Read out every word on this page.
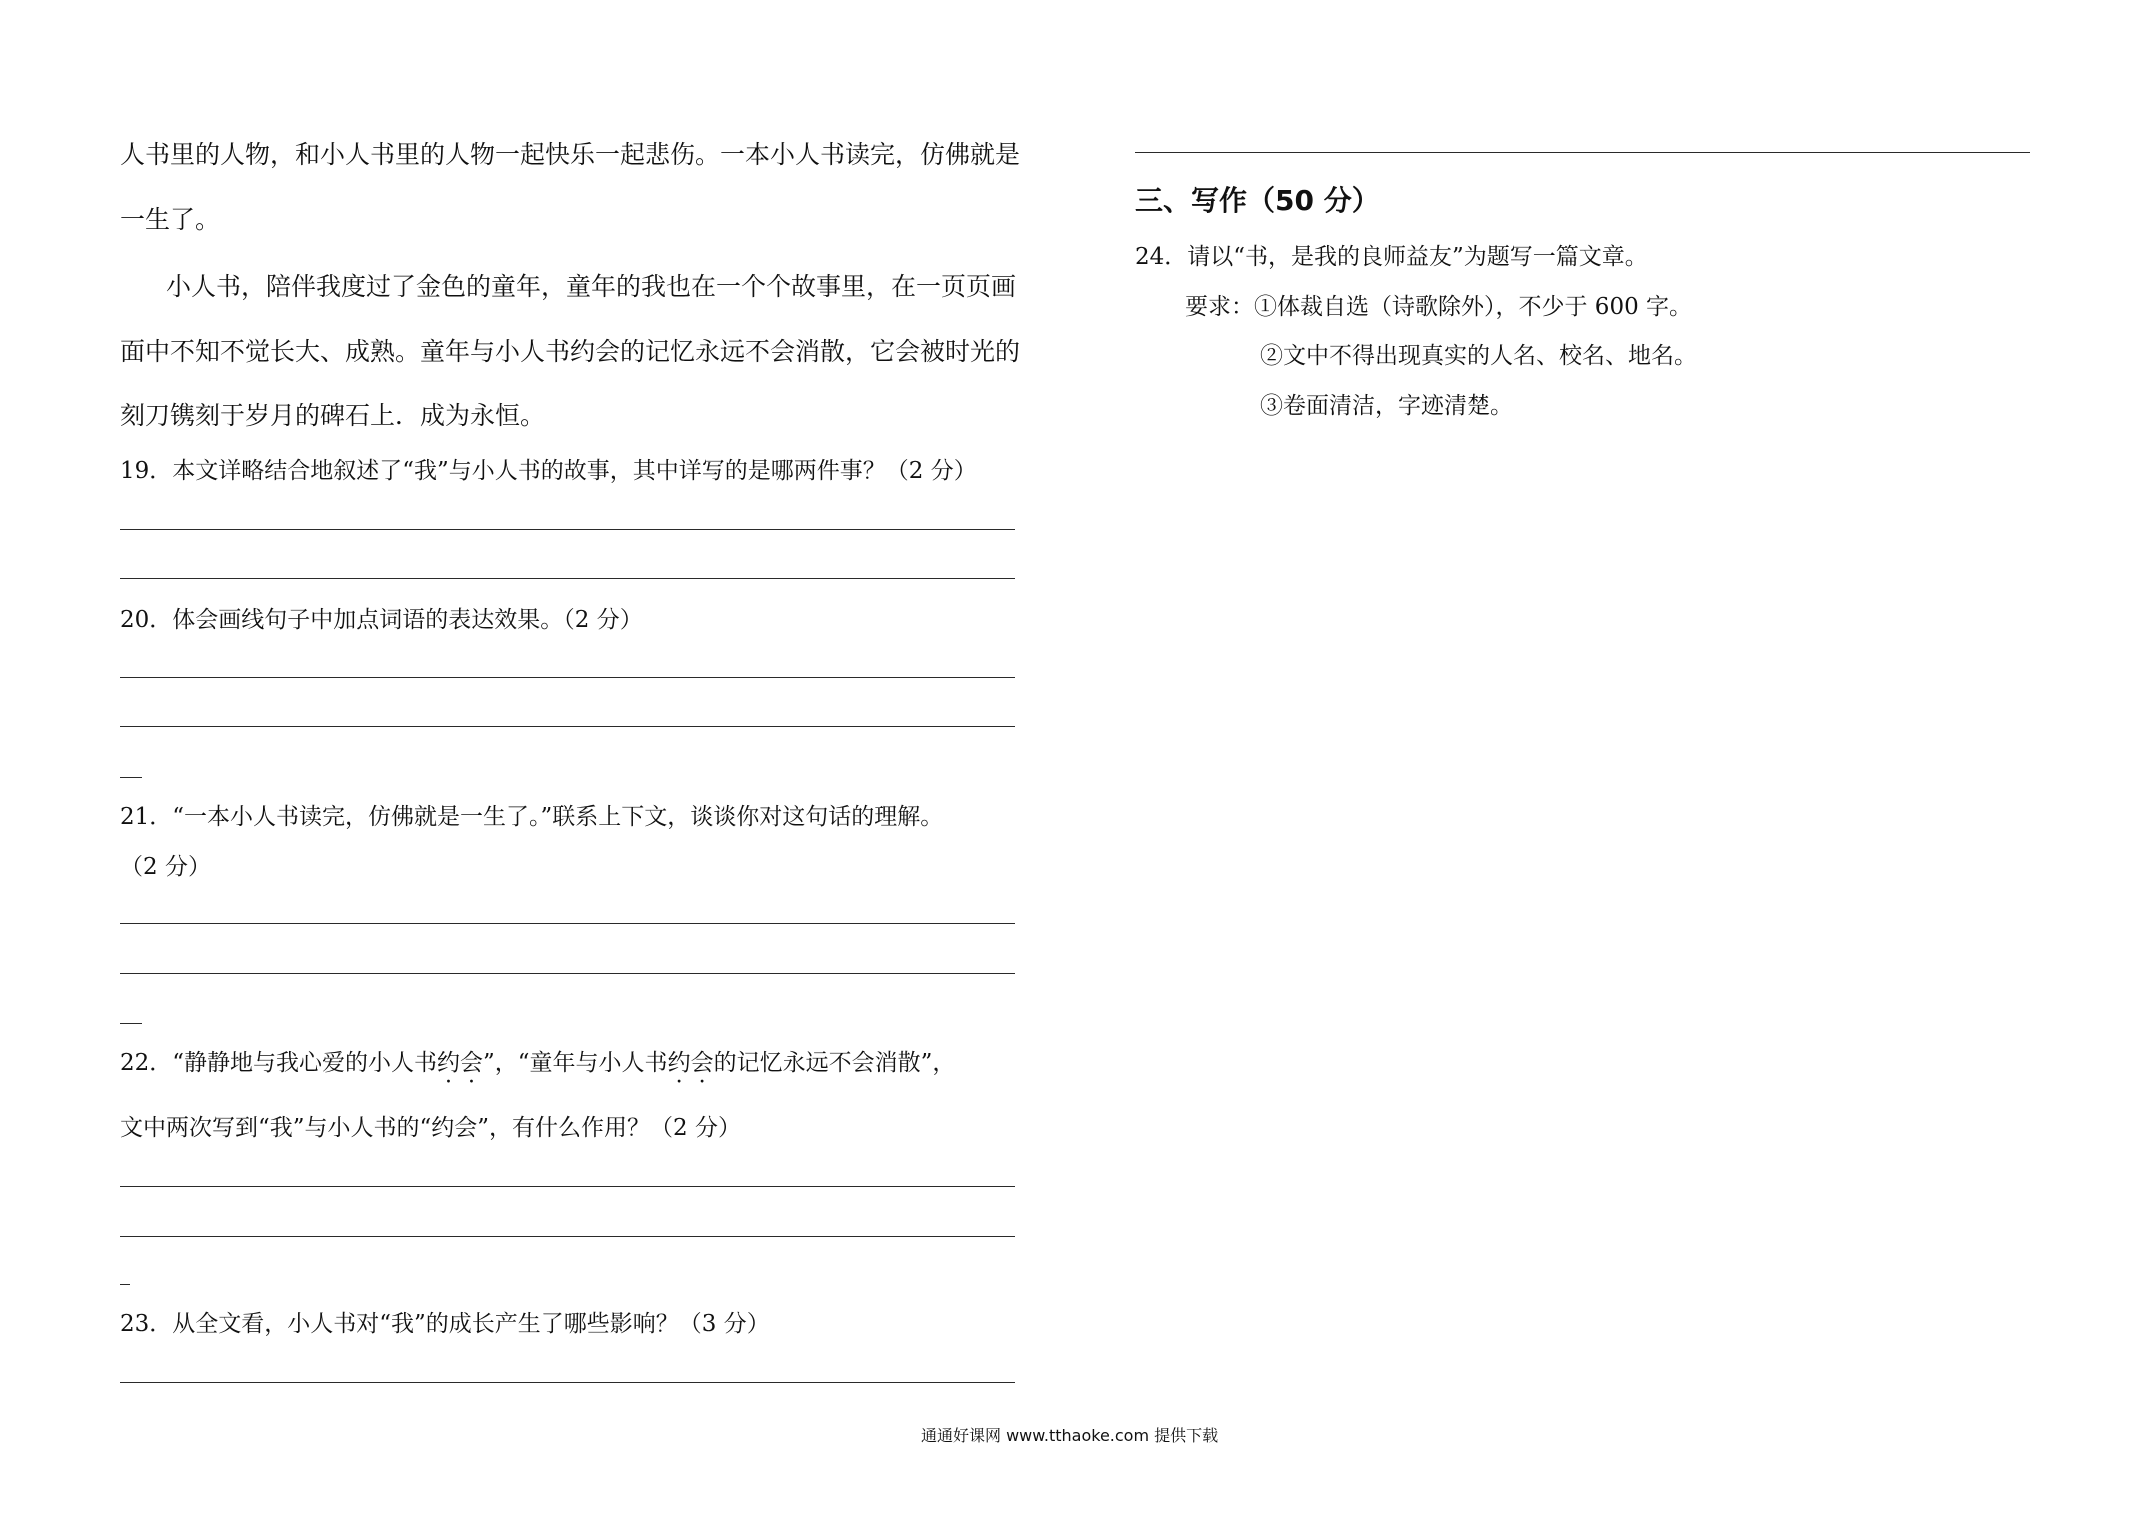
人书里的人物，和小人书里的人物一起快乐一起悲伤。一本小人书读完，仿佛就是
一生了。
小人书，陪伴我度过了金色的童年，童年的我也在一个个故事里，在一页页画
面中不知不觉长大、成熟。童年与小人书约会的记忆永远不会消散，它会被时光的
刻刀镌刻于岁月的碑石上．成为永恒。
19．本文详略结合地叙述了“我”与小人书的故事，其中详写的是哪两件事？（2 分）
20．体会画线句子中加点词语的表达效果。（2 分）
21．“一本小人书读完，仿佛就是一生了。”联系上下文，谈谈你对这句话的理解。
（2 分）
22．“静静地与我心爱的小人书约会”，“童年与小人书约会的记忆永远不会消散”，
文中两次写到“我”与小人书的“约会”，有什么作用？（2 分）
23．从全文看，小人书对“我”的成长产生了哪些影响？（3 分）
三、写作（50 分）
24．请以“书，是我的良师益友”为题写一篇文章。
要求：①体裁自选（诗歌除外），不少于 600 字。
②文中不得出现真实的人名、校名、地名。
③卷面清洁，字迹清楚。
通通好课网 www.tthaoke.com 提供下载
